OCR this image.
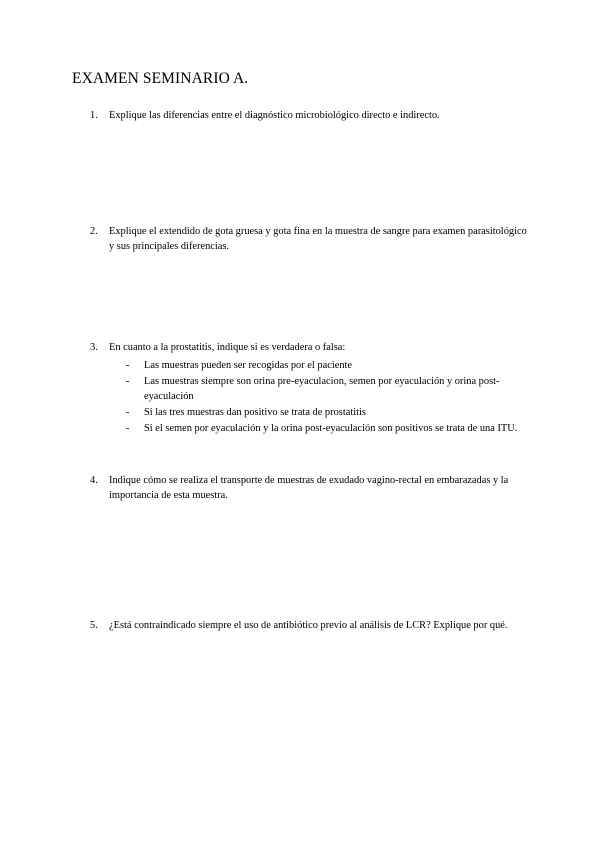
EXAMEN SEMINARIO A.
1. Explique las diferencias entre el diagnóstico microbiológico directo e indirecto.
2. Explique el extendido de gota gruesa y gota fina en la muestra de sangre para examen parasitológico y sus principales diferencias.
3. En cuanto a la prostatitis, indique si es verdadera o falsa:
- Las muestras pueden ser recogidas por el paciente
- Las muestras siempre son orina pre-eyaculacion, semen por eyaculación y orina post-eyaculación
- Si las tres muestras dan positivo se trata de prostatitis
- Si el semen por eyaculación y la orina post-eyaculación son positivos se trata de una ITU.
4. Indique cómo se realiza el transporte de muestras de exudado vagino-rectal en embarazadas y la importancia de esta muestra.
5. ¿Está contraindicado siempre el uso de antibiótico previo al análisis de LCR? Explique por qué.
